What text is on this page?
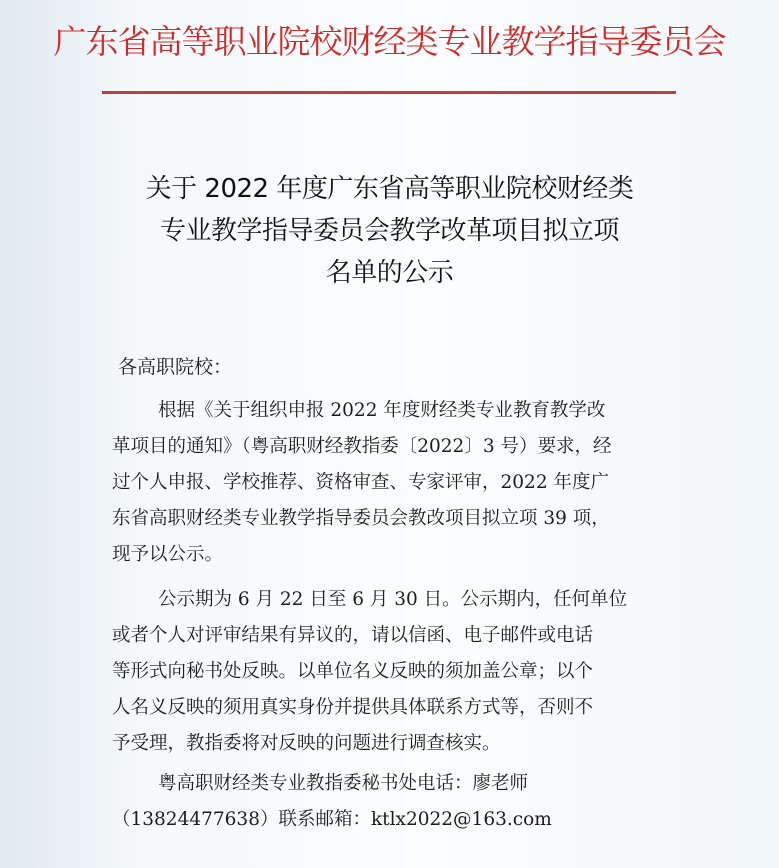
广东省高等职业院校财经类专业教学指导委员会
关于 2022 年度广东省高等职业院校财经类
专业教学指导委员会教学改革项目拟立项
名单的公示
各高职院校：
根据《关于组织申报 2022 年度财经类专业教育教学改
革项目的通知》（粤高职财经教指委〔2022〕3 号）要求，经
过个人申报、学校推荐、资格审查、专家评审，2022 年度广
东省高职财经类专业教学指导委员会教改项目拟立项 39 项，
现予以公示。
公示期为 6 月 22 日至 6 月 30 日。公示期内，任何单位
或者个人对评审结果有异议的，请以信函、电子邮件或电话
等形式向秘书处反映。以单位名义反映的须加盖公章；以个
人名义反映的须用真实身份并提供具体联系方式等，否则不
予受理，教指委将对反映的问题进行调查核实。
粤高职财经类专业教指委秘书处电话：廖老师
（13824477638）联系邮箱：ktlx2022@163.com
